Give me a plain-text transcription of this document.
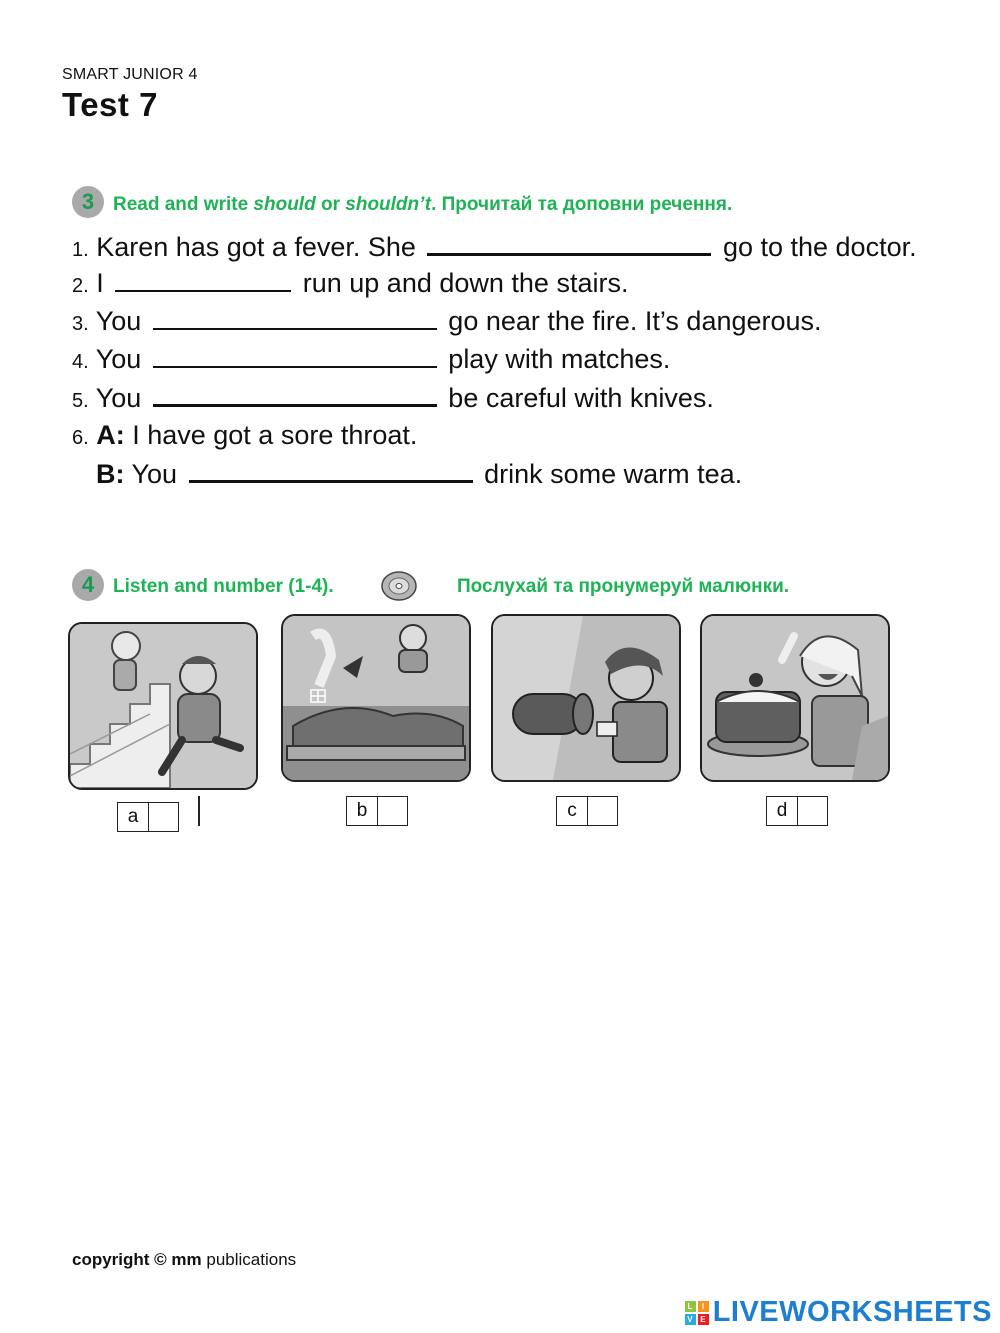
SMART JUNIOR 4
Test 7
3 Read and write should or shouldn’t. Прочитай та доповни речення.
1. Karen has got a fever. She	go to the doctor.
2. I	run up and down the stairs.
3. You	go near the fire. It’s dangerous.
4. You	play with matches.
5. You	be careful with knives.
6. A: I have got a sore throat.
B: You	drink some warm tea.
4 Listen and number (1-4).	Послухай та пронумеруй малюнки.
a	b	c	d
copyright © mm publications
L	I
V E LIVEWORKSHEETS
